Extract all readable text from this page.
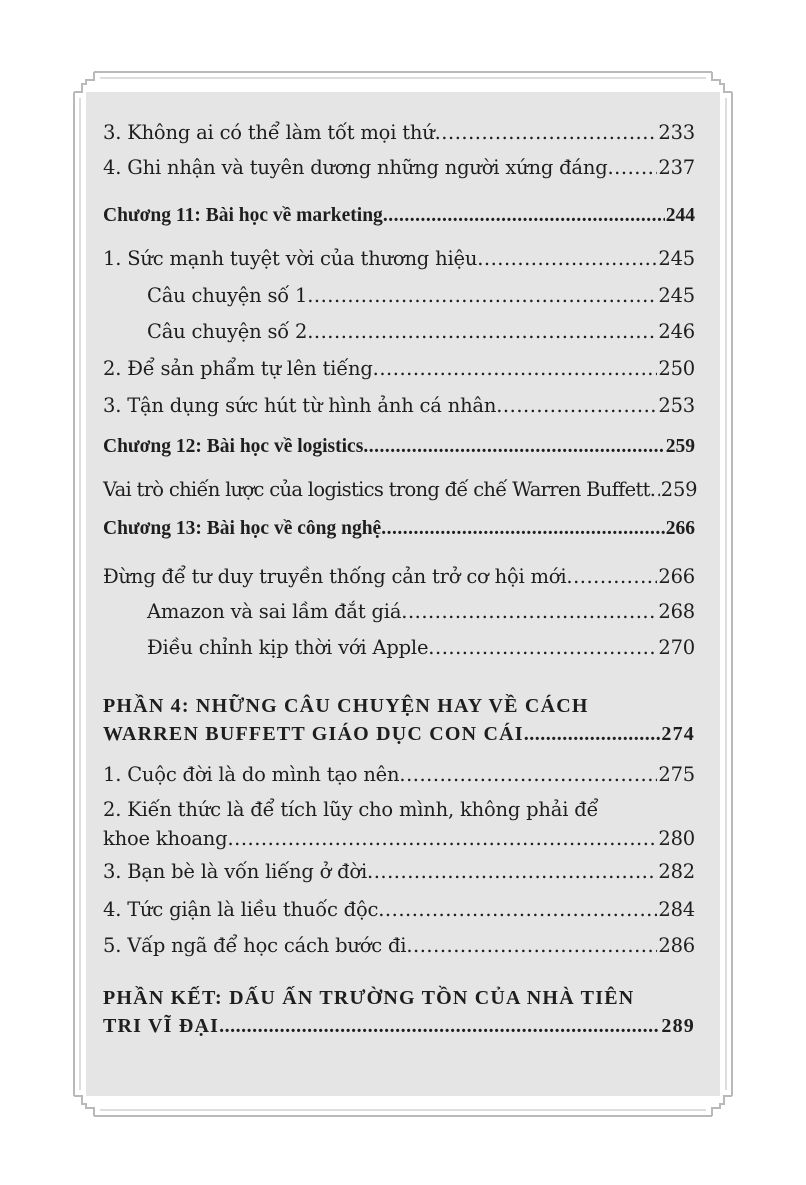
3. Không ai có thể làm tốt mọi thứ .....	233
4. Ghi nhận và tuyên dương những người xứng đáng .....	237
Chương 11: Bài học về marketing .....	244
1. Sức mạnh tuyệt vời của thương hiệu .....	245
Câu chuyện số 1 .....	245
Câu chuyện số 2 .....	246
2. Để sản phẩm tự lên tiếng .....	250
3. Tận dụng sức hút từ hình ảnh cá nhân .....	253
Chương 12: Bài học về logistics .....	259
Vai trò chiến lược của logistics trong đế chế Warren Buffett ..... 259
Chương 13: Bài học về công nghệ .....	266
Đừng để tư duy truyền thống cản trở cơ hội mới .....	266
Amazon và sai lầm đắt giá .....	268
Điều chỉnh kịp thời với Apple .....	270
PHẦN 4: NHỮNG CÂU CHUYỆN HAY VỀ CÁCH
WARREN BUFFETT GIÁO DỤC CON CÁI .....	274
1. Cuộc đời là do mình tạo nên .....	275
2. Kiến thức là để tích lũy cho mình, không phải để
khoe khoang .....	280
3. Bạn bè là vốn liếng ở đời .....	282
4. Tức giận là liều thuốc độc .....	284
5. Vấp ngã để học cách bước đi .....	286
PHẦN KẾT: DẤU ẤN TRƯỜNG TỒN CỦA NHÀ TIÊN
TRI VĨ ĐẠI .....	289
